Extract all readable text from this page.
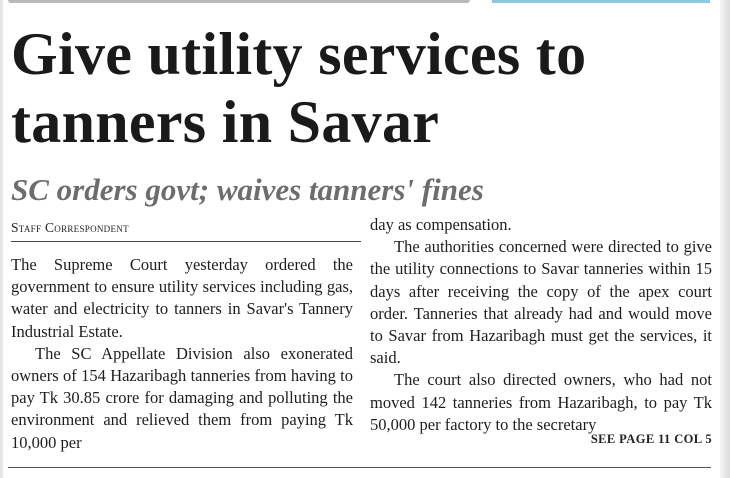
Give utility services to tanners in Savar
SC orders govt; waives tanners' fines
Staff Correspondent

The Supreme Court yesterday ordered the government to ensure utility services including gas, water and electricity to tanners in Savar's Tannery Industrial Estate.

The SC Appellate Division also exonerated owners of 154 Hazaribagh tanneries from having to pay Tk 30.85 crore for damaging and polluting the environment and relieved them from paying Tk 10,000 per

day as compensation.

The authorities concerned were directed to give the utility connections to Savar tanneries within 15 days after receiving the copy of the apex court order. Tanneries that already had and would move to Savar from Hazaribagh must get the services, it said.

The court also directed owners, who had not moved 142 tanneries from Hazaribagh, to pay Tk 50,000 per factory to the secretary

SEE PAGE 11 COL 5
